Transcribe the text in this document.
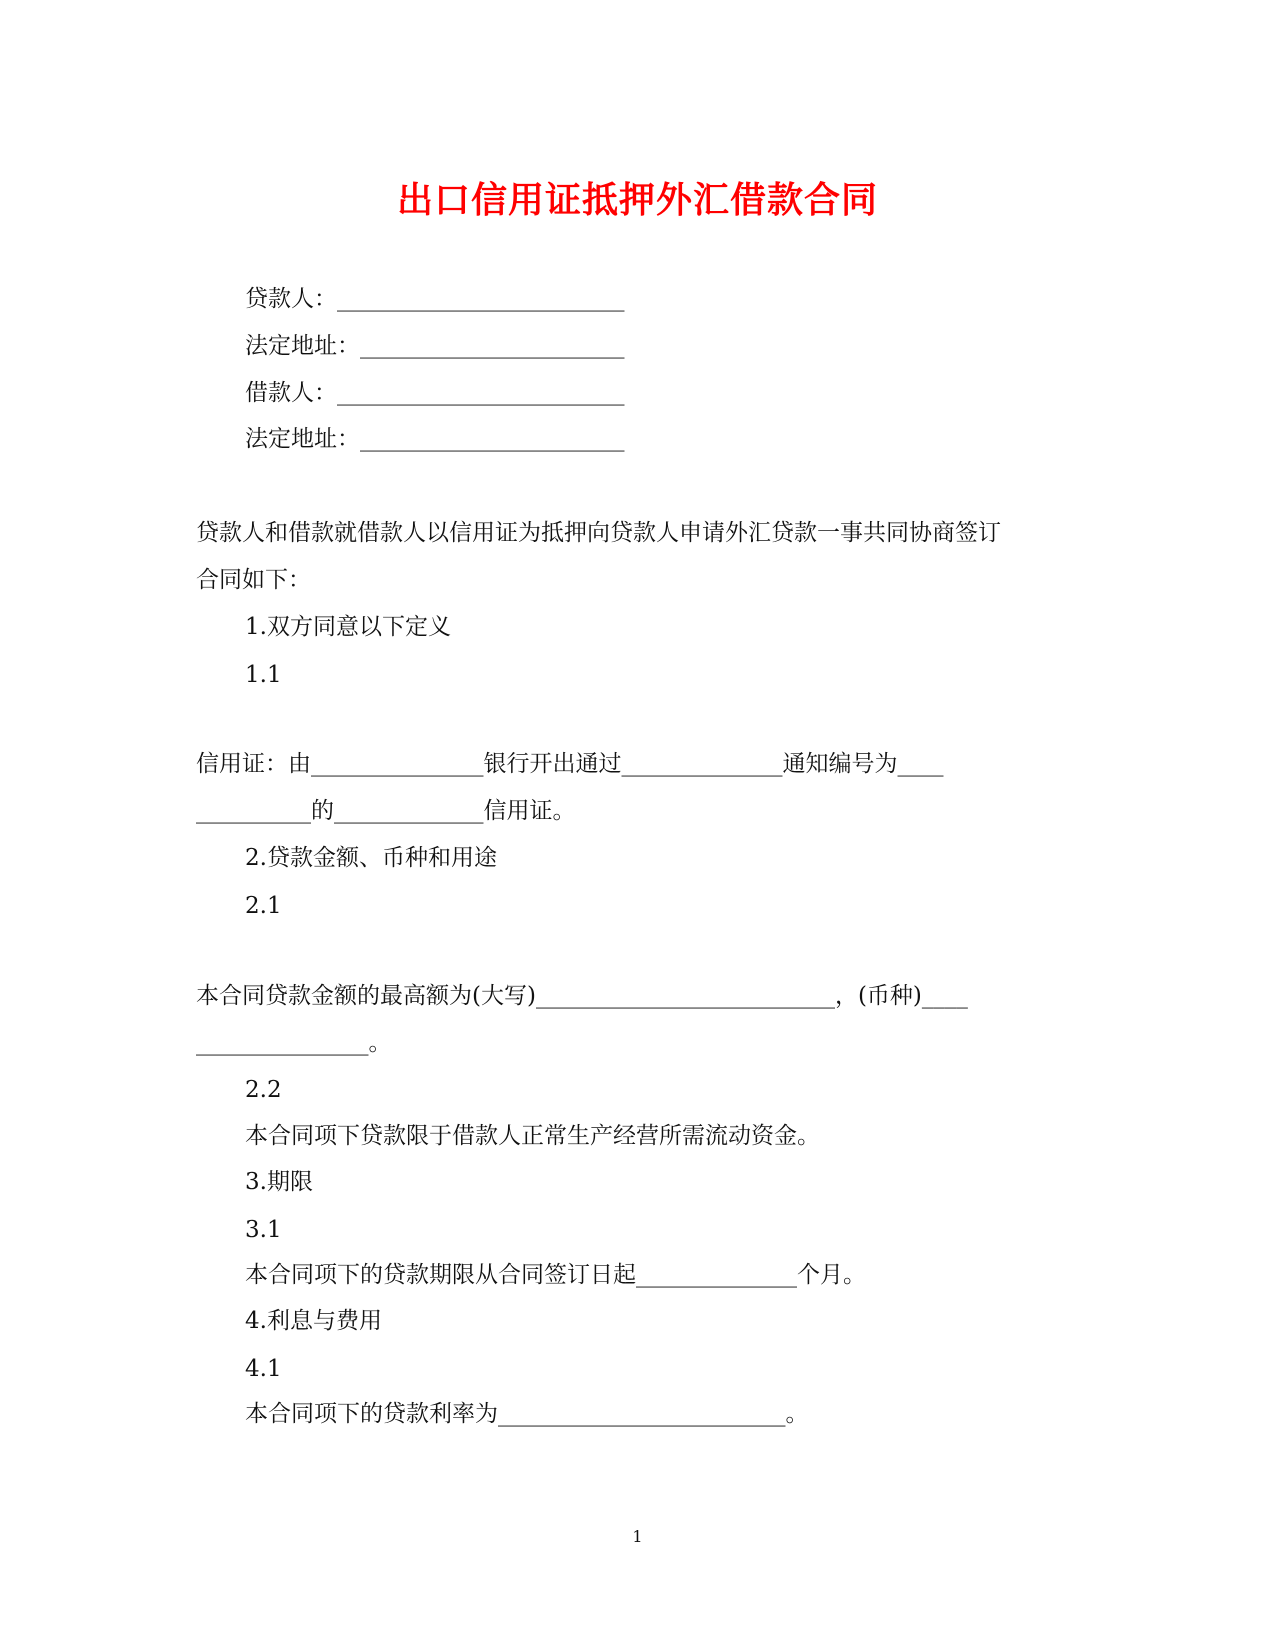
出口信用证抵押外汇借款合同
贷款人：_________________________
法定地址：_______________________
借款人：_________________________
法定地址：_______________________
贷款人和借款就借款人以信用证为抵押向贷款人申请外汇贷款一事共同协商签订
合同如下：
1.双方同意以下定义
1.1
信用证：由_______________银行开出通过______________通知编号为____
__________的_____________信用证。
2.贷款金额、币种和用途
2.1
本合同贷款金额的最高额为(大写)__________________________，(币种)____
_______________。
2.2
本合同项下贷款限于借款人正常生产经营所需流动资金。
3.期限
3.1
本合同项下的贷款期限从合同签订日起______________个月。
4.利息与费用
4.1
本合同项下的贷款利率为_________________________。
1
